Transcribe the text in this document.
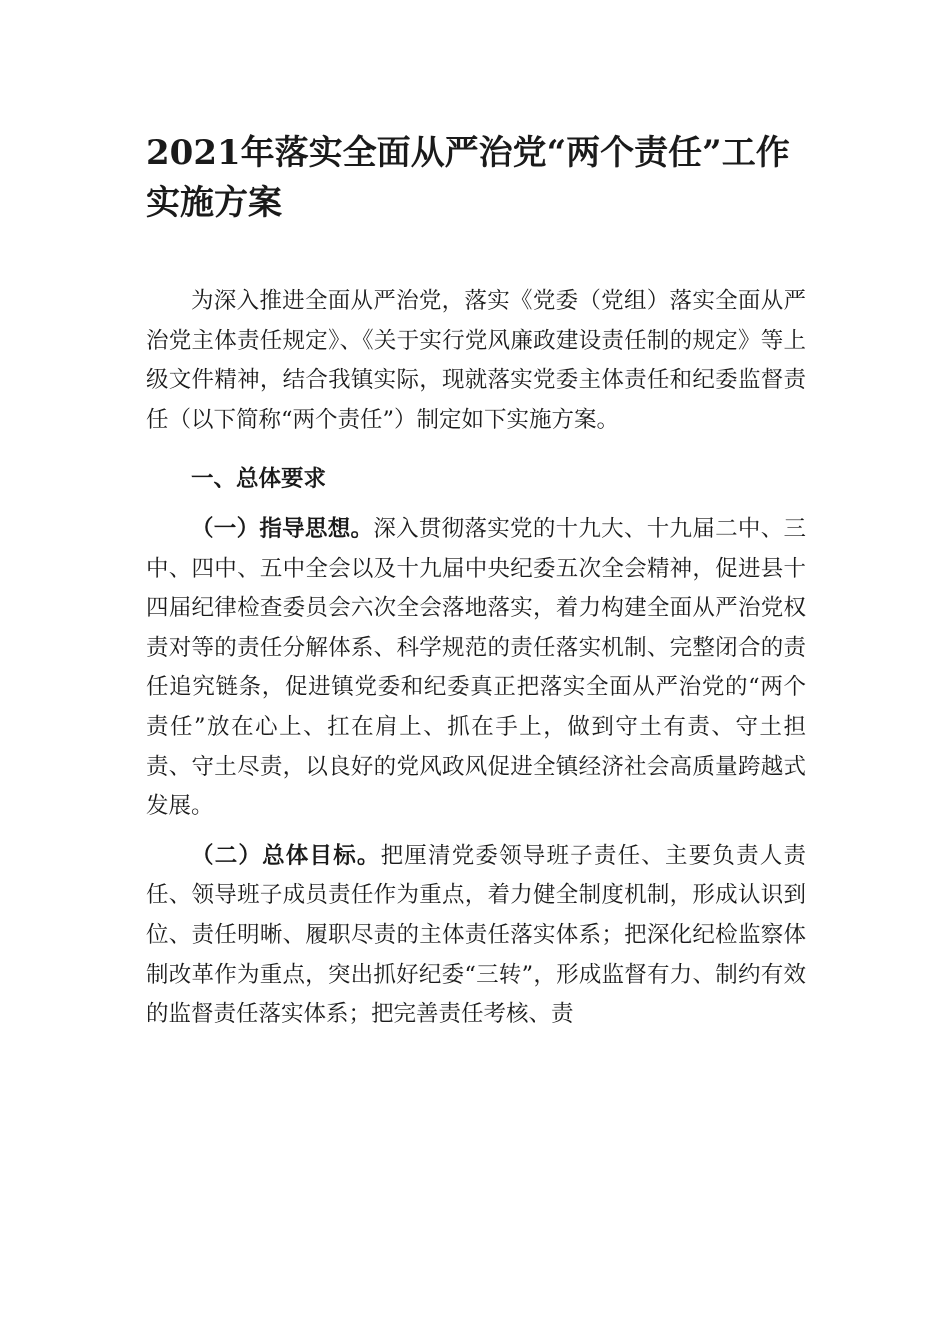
2021年落实全面从严治党“两个责任”工作实施方案

为深入推进全面从严治党，落实《党委（党组）落实全面从严治党主体责任规定》、《关于实行党风廉政建设责任制的规定》等上级文件精神，结合我镇实际，现就落实党委主体责任和纪委监督责任（以下简称“两个责任”）制定如下实施方案。

一、总体要求

（一）指导思想。深入贯彻落实党的十九大、十九届二中、三中、四中、五中全会以及十九届中央纪委五次全会精神，促进县十四届纪律检查委员会六次全会落地落实，着力构建全面从严治党权责对等的责任分解体系、科学规范的责任落实机制、完整闭合的责任追究链条，促进镇党委和纪委真正把落实全面从严治党的“两个责任”放在心上、扛在肩上、抓在手上，做到守土有责、守土担责、守土尽责，以良好的党风政风促进全镇经济社会高质量跨越式发展。

（二）总体目标。把厘清党委领导班子责任、主要负责人责任、领导班子成员责任作为重点，着力健全制度机制，形成认识到位、责任明晰、履职尽责的主体责任落实体系；把深化纪检监察体制改革作为重点，突出抓好纪委“三转”，形成监督有力、制约有效的监督责任落实体系；把完善责任考核、责
